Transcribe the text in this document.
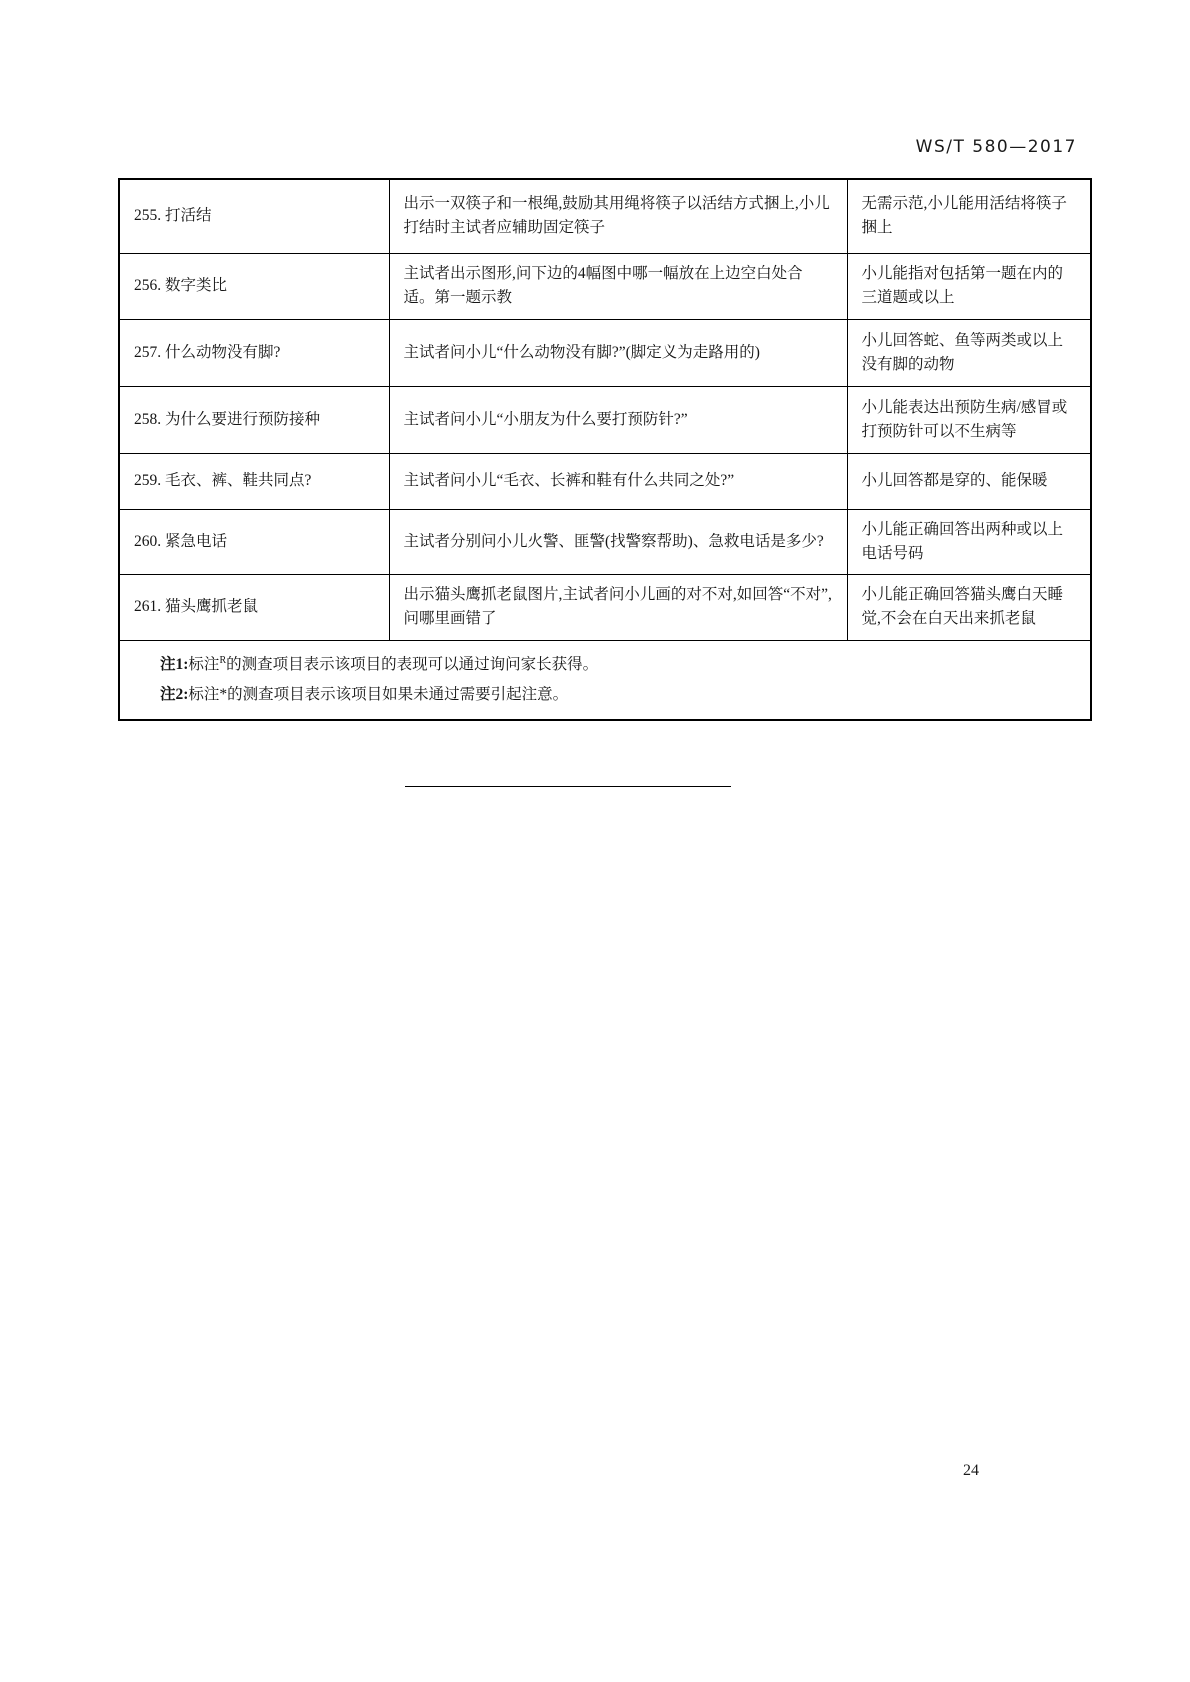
WS/T 580—2017
255. 打活结	出示一双筷子和一根绳,鼓励其用绳将筷子以活结方式捆上,小儿打结时主试者应辅助固定筷子	无需示范,小儿能用活结将筷子捆上
256. 数字类比	主试者出示图形,问下边的4幅图中哪一幅放在上边空白处合适。第一题示教	小儿能指对包括第一题在内的三道题或以上
257. 什么动物没有脚?	主试者问小儿“什么动物没有脚?”(脚定义为走路用的)	小儿回答蛇、鱼等两类或以上没有脚的动物
258. 为什么要进行预防接种	主试者问小儿“小朋友为什么要打预防针?”	小儿能表达出预防生病/感冒或打预防针可以不生病等
259. 毛衣、裤、鞋共同点?	主试者问小儿“毛衣、长裤和鞋有什么共同之处?”	小儿回答都是穿的、能保暖
260. 紧急电话	主试者分别问小儿火警、匪警(找警察帮助)、急救电话是多少?	小儿能正确回答出两种或以上电话号码
261. 猫头鹰抓老鼠	出示猫头鹰抓老鼠图片,主试者问小儿画的对不对,如回答“不对”,问哪里画错了	小儿能正确回答猫头鹰白天睡觉,不会在白天出来抓老鼠

注1:标注$^R$的测查项目表示该项目的表现可以通过询问家长获得。
注2:标注*的测查项目表示该项目如果未通过需要引起注意。		
24
